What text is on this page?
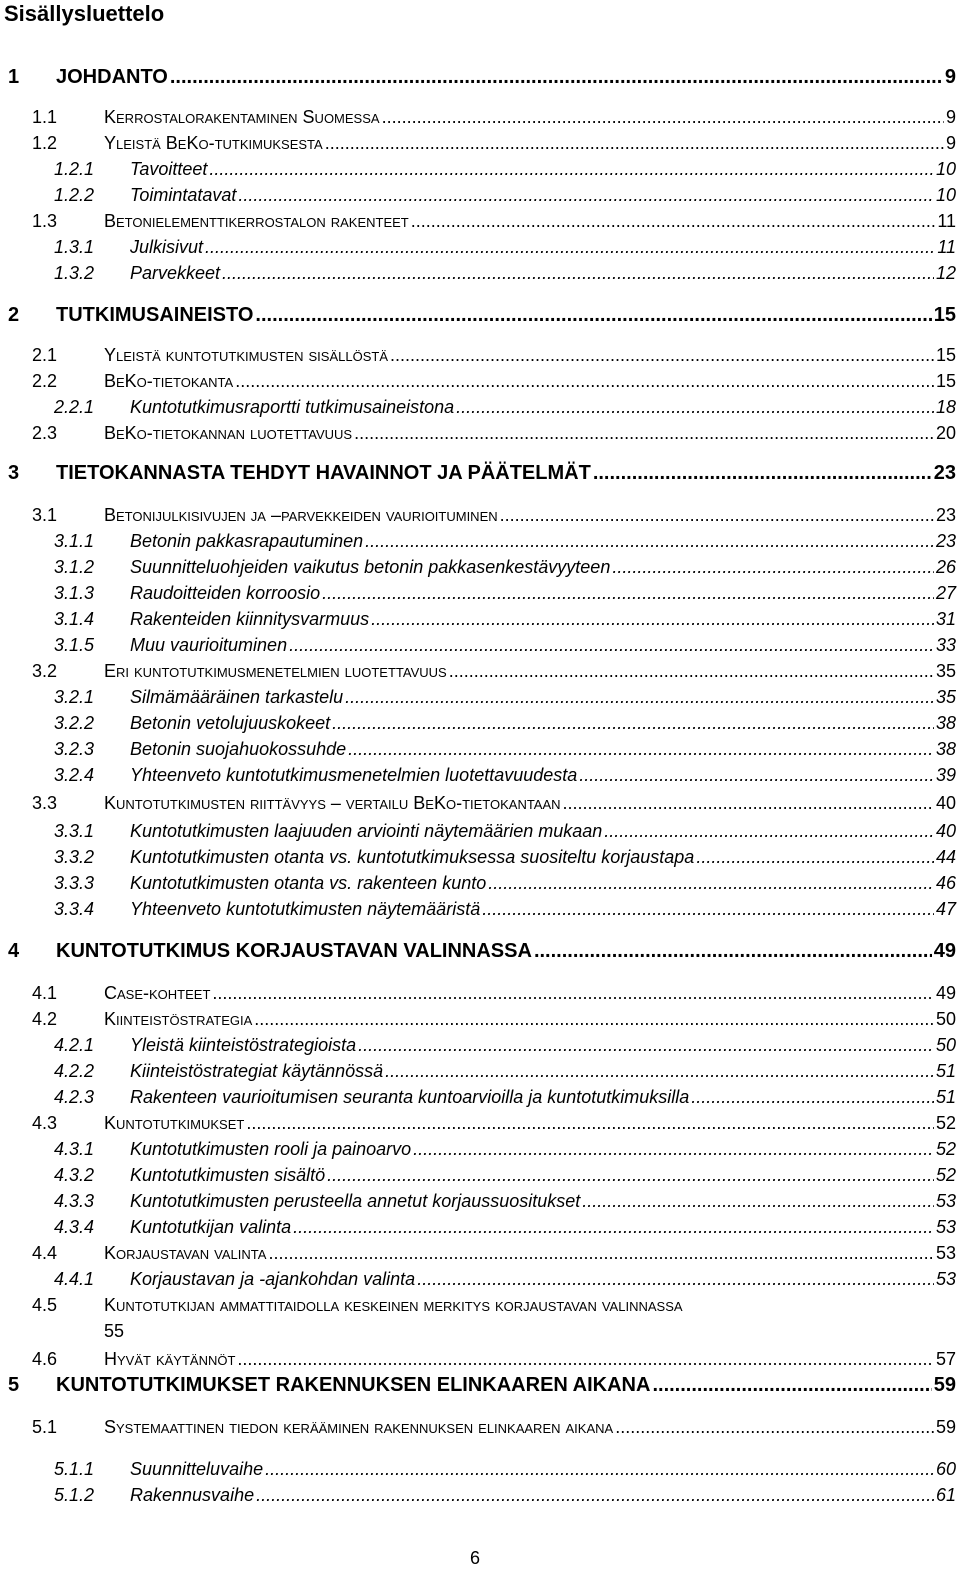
Sisällysluettelo
1 JOHDANTO .....	9
1.1	Kerrostalorakentaminen Suomessa .....	9
1.2	Yleistä BeKo-tutkimuksesta .....	9
1.2.1 Tavoitteet .....	10
1.2.2 Toimintatavat .....	10
1.3	Betonielementtikerrostalon rakenteet .....	11
1.3.1 Julkisivut .....	11
1.3.2 Parvekkeet .....	12
2 TUTKIMUSAINEISTO .....	15
2.1	Yleistä kuntotutkimusten sisällöstä .....	15
2.2	BeKo-tietokanta .....	15
2.2.1 Kuntotutkimusraportti tutkimusaineistona .....	18
2.3	BeKo-tietokannan luotettavuus .....	20
3 TIETOKANNASTA TEHDYT HAVAINNOT JA PÄÄTELMÄT .....	23
3.1	Betonijulkisivujen ja –parvekkeiden vaurioituminen .....	23
3.1.1 Betonin pakkasrapautuminen .....	23
3.1.2 Suunnitteluohjeiden vaikutus betonin pakkasenkestävyyteen .....	26
3.1.3 Raudoitteiden korroosio .....	27
3.1.4 Rakenteiden kiinnitysvarmuus .....	31
3.1.5 Muu vaurioituminen .....	33
3.2	Eri kuntotutkimusmenetelmien luotettavuus .....	35
3.2.1 Silmämääräinen tarkastelu .....	35
3.2.2 Betonin vetolujuuskokeet .....	38
3.2.3 Betonin suojahuokossuhde .....	38
3.2.4 Yhteenveto kuntotutkimusmenetelmien luotettavuudesta .....	39
3.3	Kuntotutkimusten riittävyys – vertailu BeKo-tietokantaan .....	40
3.3.1 Kuntotutkimusten laajuuden arviointi näytemäärien mukaan .....	40
3.3.2 Kuntotutkimusten otanta vs. kuntotutkimuksessa suositeltu korjaustapa .....	44
3.3.3 Kuntotutkimusten otanta vs. rakenteen kunto .....	46
3.3.4 Yhteenveto kuntotutkimusten näytemääristä .....	47
4 KUNTOTUTKIMUS KORJAUSTAVAN VALINNASSA .....	49
4.1	Case-kohteet .....	49
4.2	Kiinteistöstrategia .....	50
4.2.1 Yleistä kiinteistöstrategioista .....	50
4.2.2 Kiinteistöstrategiat käytännössä .....	51
4.2.3 Rakenteen vaurioitumisen seuranta kuntoarvioilla ja kuntotutkimuksilla .....	51
4.3	Kuntotutkimukset .....	52
4.3.1 Kuntotutkimusten rooli ja painoarvo .....	52
4.3.2 Kuntotutkimusten sisältö .....	52
4.3.3 Kuntotutkimusten perusteella annetut korjaussuositukset .....	53
4.3.4 Kuntotutkijan valinta .....	53
4.4	Korjaustavan valinta .....	53
4.4.1 Korjaustavan ja -ajankohdan valinta .....	53
4.5	Kuntotutkijan ammattitaidolla keskeinen merkitys korjaustavan valinnassa
55
4.6	Hyvät käytännöt .....	57
5 KUNTOTUTKIMUKSET RAKENNUKSEN ELINKAAREN AIKANA .....	59
5.1	Systemaattinen tiedon kerääminen rakennuksen elinkaaren aikana .....	59
5.1.1 Suunnitteluvaihe .....	60
5.1.2 Rakennusvaihe .....	61
6
